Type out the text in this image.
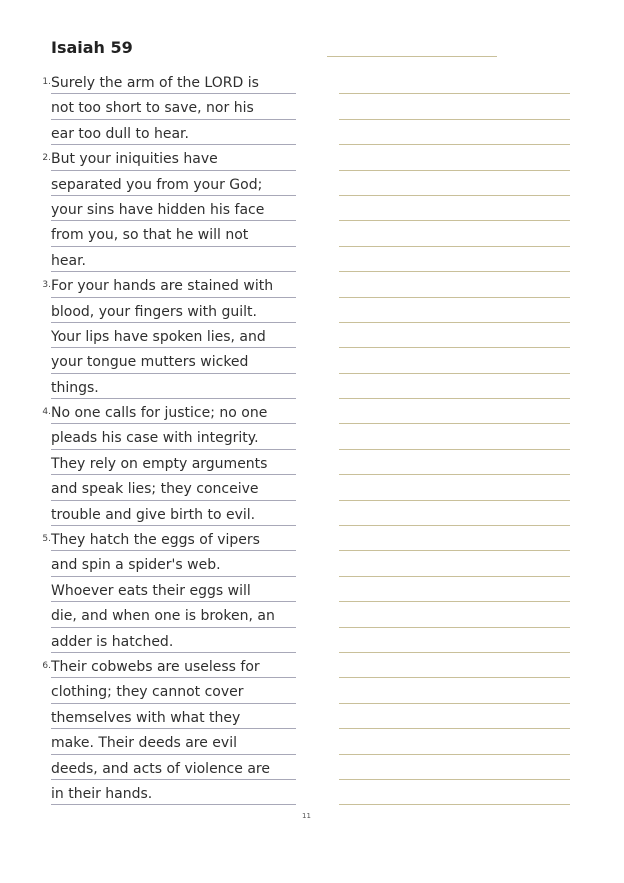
Isaiah 59
1. Surely the arm of the LORD is
not too short to save, nor his
ear too dull to hear.
2. But your iniquities have
separated you from your God;
your sins have hidden his face
from you, so that he will not
hear.
3. For your hands are stained with
blood, your fingers with guilt.
Your lips have spoken lies, and
your tongue mutters wicked
things.
4. No one calls for justice; no one
pleads his case with integrity.
They rely on empty arguments
and speak lies; they conceive
trouble and give birth to evil.
5. They hatch the eggs of vipers
and spin a spider's web.
Whoever eats their eggs will
die, and when one is broken, an
adder is hatched.
6. Their cobwebs are useless for
clothing; they cannot cover
themselves with what they
make. Their deeds are evil
deeds, and acts of violence are
in their hands.
11
